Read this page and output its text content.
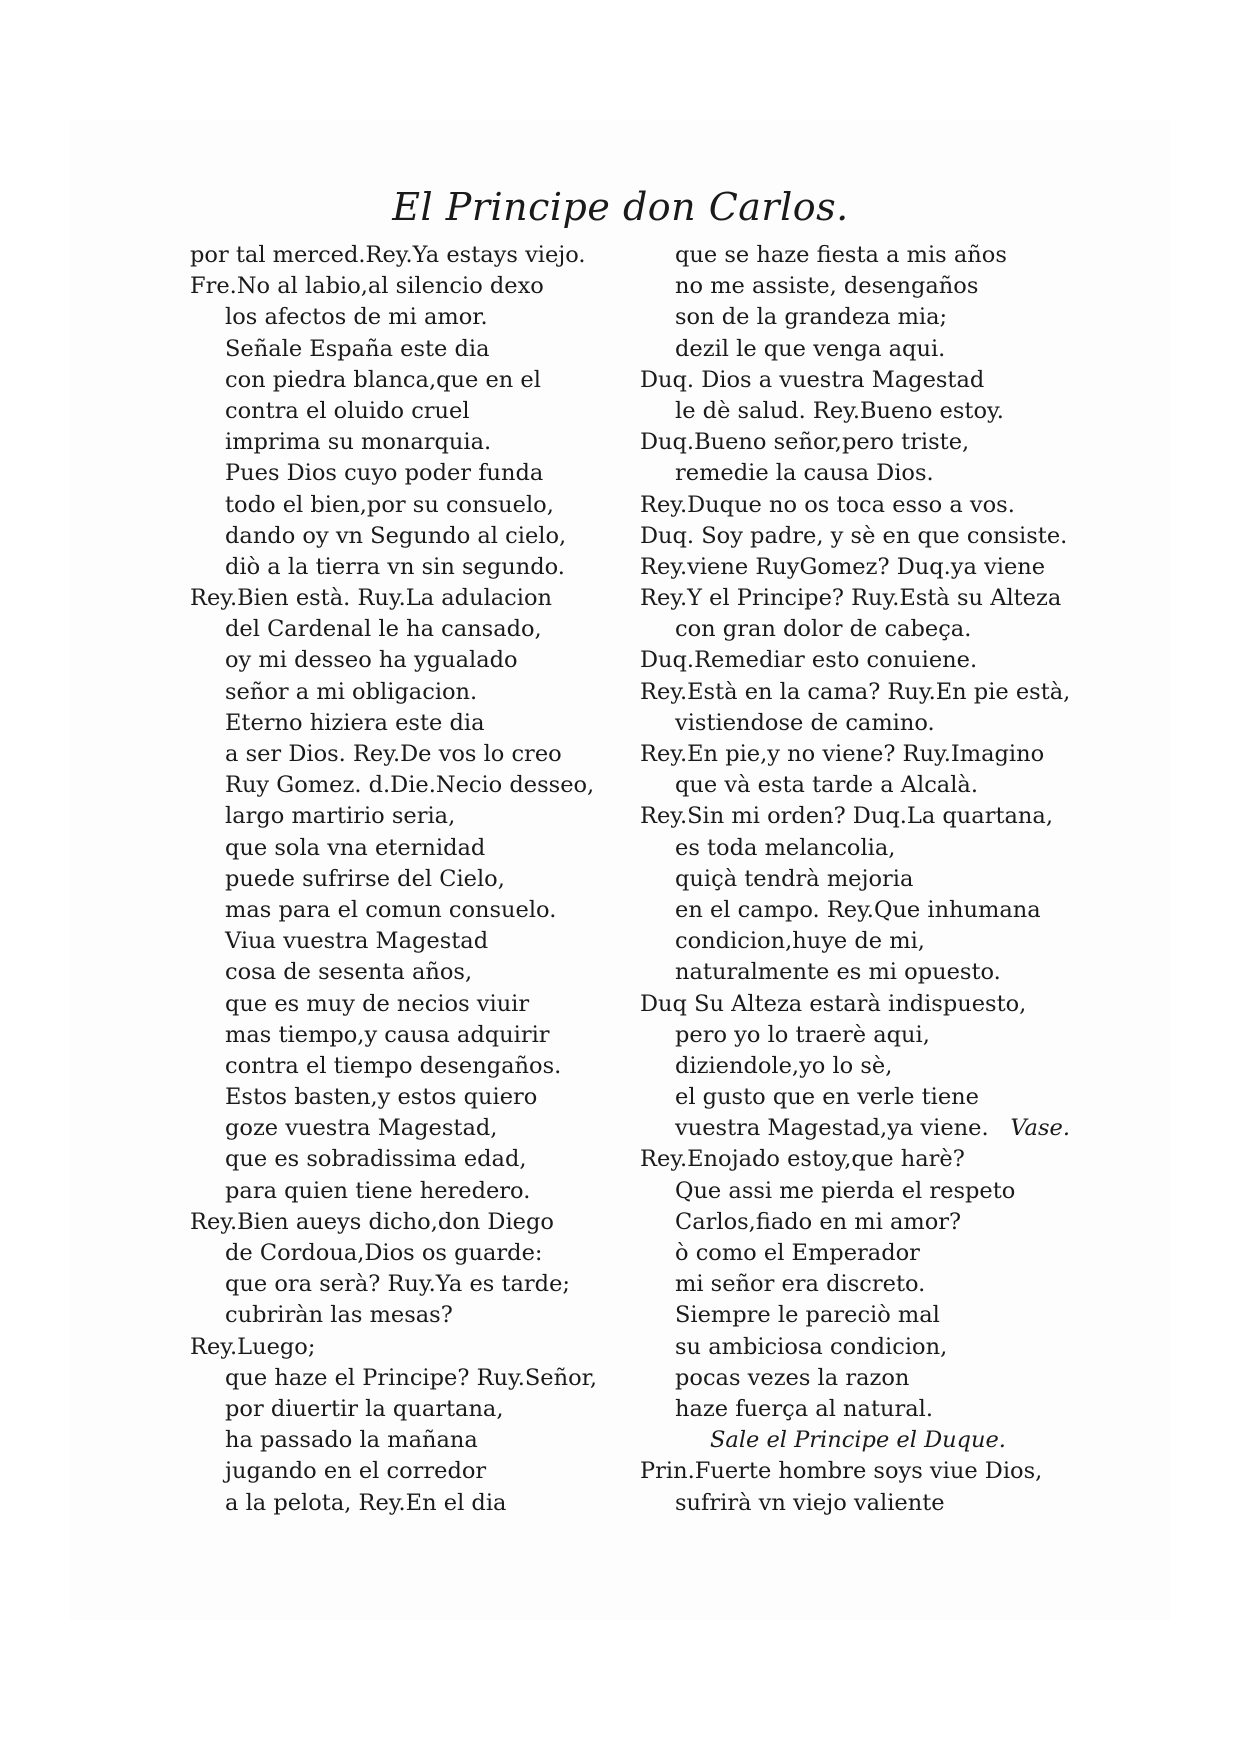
El Principe don Carlos.
por tal merced.Rey.Ya estays viejo.
Fre.No al labio,al silencio dexo
los afectos de mi amor.
Señale España este dia
con piedra blanca,que en el
contra el oluido cruel
imprima su monarquia.
Pues Dios cuyo poder funda
todo el bien,por su consuelo,
dando oy vn Segundo al cielo,
diò a la tierra vn sin segundo.
Rey.Bien està. Ruy.La adulacion
del Cardenal le ha cansado,
oy mi desseo ha ygualado
señor a mi obligacion.
Eterno hiziera este dia
a ser Dios. Rey.De vos lo creo
Ruy Gomez. d.Die.Necio desseo,
largo martirio seria,
que sola vna eternidad
puede sufrirse del Cielo,
mas para el comun consuelo.
Viua vuestra Magestad
cosa de sesenta años,
que es muy de necios viuir
mas tiempo,y causa adquirir
contra el tiempo desengaños.
Estos basten,y estos quiero
goze vuestra Magestad,
que es sobradissima edad,
para quien tiene heredero.
Rey.Bien aueys dicho,don Diego
de Cordoua,Dios os guarde:
que ora serà? Ruy.Ya es tarde;
cubriràn las mesas?
Rey.Luego;
que haze el Principe? Ruy.Señor,
por diuertir la quartana,
ha passado la mañana
jugando en el corredor
a la pelota, Rey.En el dia
que se haze fiesta a mis años
no me assiste, desengaños
son de la grandeza mia;
dezil le que venga aqui.
Duq. Dios a vuestra Magestad
le dè salud. Rey.Bueno estoy.
Duq.Bueno señor,pero triste,
remedie la causa Dios.
Rey.Duque no os toca esso a vos.
Duq. Soy padre, y sè en que consiste.
Rey.viene RuyGomez? Duq.ya viene
Rey.Y el Principe? Ruy.Està su Alteza
con gran dolor de cabeça.
Duq.Remediar esto conuiene.
Rey.Està en la cama? Ruy.En pie està,
vistiendose de camino.
Rey.En pie,y no viene? Ruy.Imagino
que và esta tarde a Alcalà.
Rey.Sin mi orden? Duq.La quartana,
es toda melancolia,
quiçà tendrà mejoria
en el campo. Rey.Que inhumana
condicion,huye de mi,
naturalmente es mi opuesto.
Duq Su Alteza estarà indispuesto,
pero yo lo traerè aqui,
diziendole,yo lo sè,
el gusto que en verle tiene
vuestra Magestad,ya viene. Vase.
Rey.Enojado estoy,que harè?
Que assi me pierda el respeto
Carlos,fiado en mi amor?
ò como el Emperador
mi señor era discreto.
Siempre le pareciò mal
su ambiciosa condicion,
pocas vezes la razon
haze fuerça al natural.
Sale el Principe el Duque.
Prin.Fuerte hombre soys viue Dios,
sufrirà vn viejo valiente
